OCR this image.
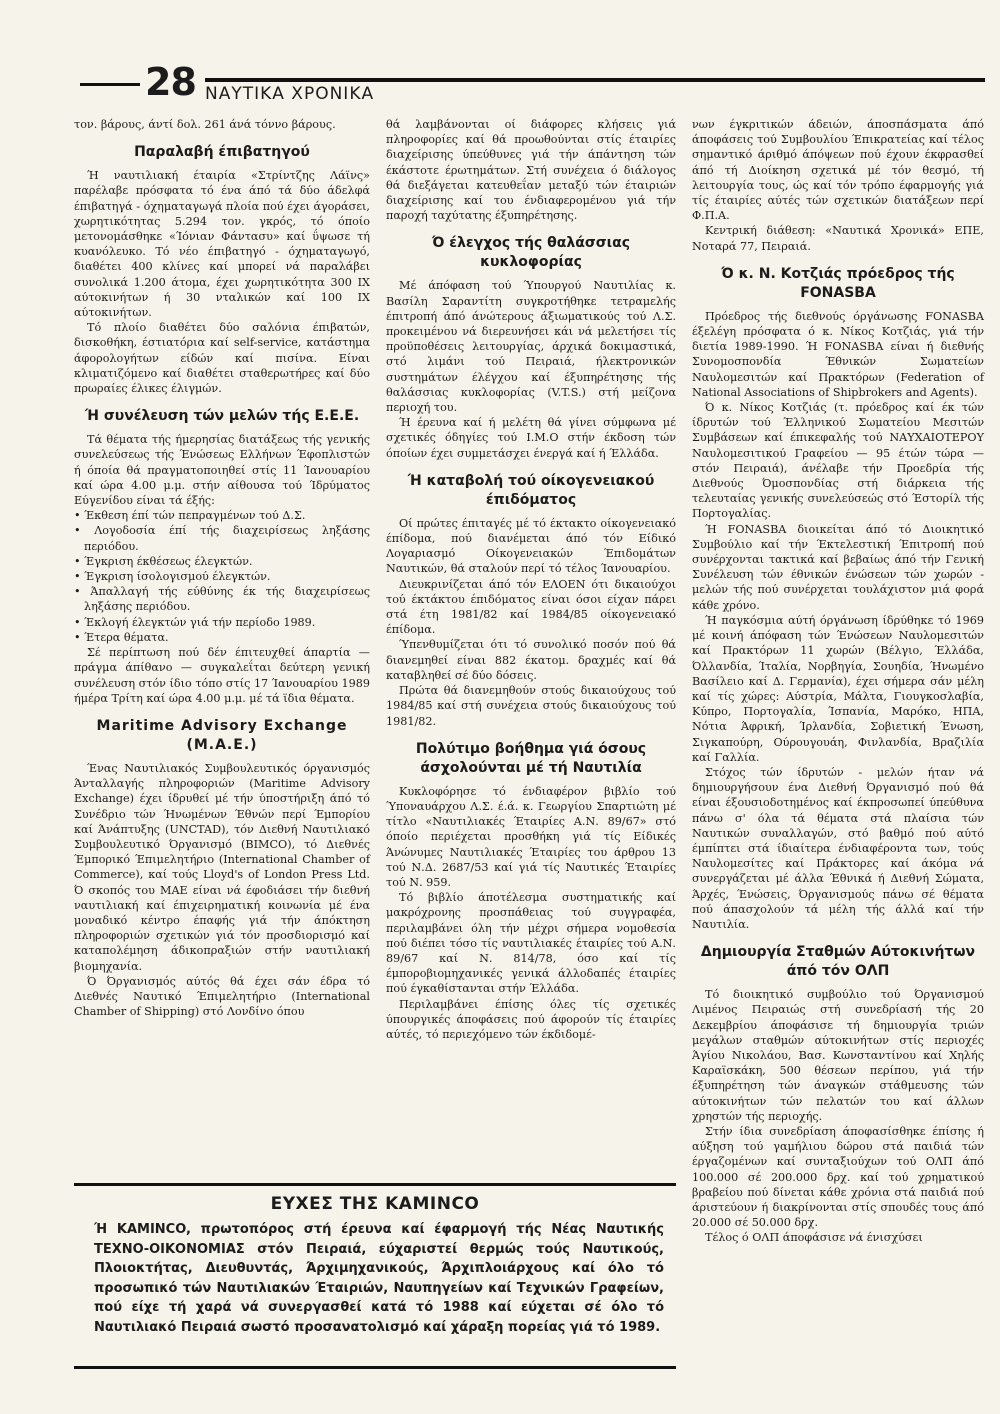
28 ΝΑΥΤΙΚΑ ΧΡΟΝΙΚΑ

τον. βάρους, άντί δολ. 261 άνά τόννο βάρους.

Παραλαβή έπιβατηγού

Ή ναυτιλιακή έταιρία «Στρίντζης Λάϊνς» παρέλαβε πρόσφατα τό ένα άπό τά δύο άδελφά έπιβατηγά - όχηματαγωγά πλοία πού έχει άγοράσει, χωρητικότητας 5.294 τον. γκρός, τό όποίο μετονομάσθηκε «Ίόνιαν Φάντασυ» καί ΰψωσε τή κυανόλευκο. Τό νέο έπιβατηγό - όχηματαγωγό, διαθέτει 400 κλίνες καί μπορεί νά παραλάβει συνολικά 1.200 άτομα, έχει χωρητικότητα 300 ΙΧ αύτοκινήτων ή 30 νταλικών καί 100 ΙΧ αύτοκινήτων.

Τό πλοίο διαθέτει δύο σαλόνια έπιβατών, δισκοθήκη, έστιατόρια καί self-service, κατάστημα άφορολογήτων είδών καί πισίνα. Είναι κλιματιζόμενο καί διαθέτει σταθερωτήρες καί δύο πρωραίες έλικες έλιγμών.

Ή συνέλευση τών μελών τής Ε.Ε.Ε.

Τά θέματα τής ήμερησίας διατάξεως τής γενικής συνελεύσεως τής Ένώσεως Ελλήνων Έφοπλιστών ή όποία θά πραγματοποιηθεί στίς 11 Ίανουαρίου καί ώρα 4.00 μ.μ. στήν αίθουσα τού Ίδρύματος Εύγενίδου είναι τά έξής:

• Έκθεση έπί τών πεπραγμένων τού Δ.Σ.
• Λογοδοσία έπί τής διαχειρίσεως ληξάσης περιόδου.
• Έγκριση έκθέσεως έλεγκτών.
• Έγκριση ίσολογισμού έλεγκτών.
• Άπαλλαγή τής εύθύνης έκ τής διαχειρίσεως ληξάσης περιόδου.
• Έκλογή έλεγκτών γιά τήν περίοδο 1989.
• Έτερα θέματα.

Σέ περίπτωση πού δέν έπιτευχθεί άπαρτία — πράγμα άπίθανο — συγκαλεΐται δεύτερη γενική συνέλευση στόν ίδιο τόπο στίς 17 Ίανουαρίου 1989 ήμέρα Τρίτη καί ώρα 4.00 μ.μ. μέ τά ϊδια θέματα.

Maritime Advisory Exchange
(Μ.Α.Ε.)

Ένας Ναυτιλιακός Συμβουλευτικός όργανισμός Άνταλλαγής πληροφοριών (Maritime Advisory Exchange) έχει ίδρυθεί μέ τήν ύποστήριξη άπό τό Συνέδριο τών Ήνωμένων Έθνών περί Έμπορίου καί Άνάπτυξης (UNCTAD), τόν Διεθνή Ναυτιλιακό Συμβουλευτικό Όργανισμό (BIMCO), τό Διεθνές Έμπορικό Έπιμελητήριο (International Chamber of Commerce), καί τούς Lloyd's of London Press Ltd. Ό σκοπός του ΜΑΕ είναι νά έφοδιάσει τήν διεθνή ναυτιλιακή καί έπιχειρηματική κοινωνία μέ ένα μοναδικό κέντρο έπαφής γιά τήν άπόκτηση πληροφοριών σχετικών γιά τόν προσδιορισμό καί καταπολέμηση άδικοπραξιών στήν ναυτιλιακή βιομηχανία.

Ό Όργανισμός αύτός θά έχει σάν έδρα τό Διεθνές Ναυτικό Έπιμελητήριο (International Chamber of Shipping) στό Λονδίνο όπου

θά λαμβάνονται οί διάφορες κλήσεις γιά πληροφορίες καί θά προωθούνται στίς έταιρίες διαχείρισης ύπεύθυνες γιά τήν άπάντηση τών έκάστοτε έρωτημάτων. Στή συνέχεια ό διάλογος θά διεξάγεται κατευθεΐαν μεταξύ τών έταιριών διαχείρισης καί του ένδιαφερομένου γιά τήν παροχή ταχύτατης έξυπηρέτησης.

Ό έλεγχος τής θαλάσσιας κυκλοφορίας

Μέ άπόφαση τού Ύπουργού Ναυτιλίας κ. Βασίλη Σαραντίτη συγκροτήθηκε τετραμελής έπιτροπή άπό άνώτερους άξιωματικούς τού Λ.Σ. προκειμένου νά διερευνήσει κάι νά μελετήσει τίς προϋποθέσεις λειτουργίας, άρχικά δοκιμαστικά, στό λιμάνι τού Πειραιά, ήλεκτρονικών συστημάτων έλέγχου καί έξυπηρέτησης τής θαλάσσιας κυκλοφορίας (V.T.S.) στή μείζονα περιοχή του.

Ή έρευνα καί ή μελέτη θά γίνει σύμφωνα μέ σχετικές όδηγίες τού Ι.Μ.Ο στήν έκδοση τών όποίων έχει συμμετάσχει ένεργά καί ή Έλλάδα.

Ή καταβολή τού οίκογενειακού έπιδόματος

Οί πρώτες έπιταγές μέ τό έκτακτο οίκογενειακό έπίδομα, πού διανέμεται άπό τόν Είδικό Λογαριασμό Οίκογενειακών Έπιδομάτων Ναυτικών, θά σταλούν περί τό τέλος Ίανουαρίου.

Διευκρινίζεται άπό τόν ΕΛΟΕΝ ότι δικαιούχοι τού έκτάκτου έπιδόματος είναι όσοι είχαν πάρει στά έτη 1981/82 καί 1984/85 οίκογενειακό έπίδομα.

Ύπενθυμίζεται ότι τό συνολικό ποσόν πού θά διανεμηθεί είναι 882 έκατομ. δραχμές καί θά καταβληθεί σέ δύο δόσεις.

Πρώτα θά διανεμηθούν στούς δικαιούχους τού 1984/85 καί στή συνέχεια στούς δικαιούχους τού 1981/82.

Πολύτιμο βοήθημα γιά όσους άσχολούνται μέ τή Ναυτιλία

Κυκλοφόρησε τό ένδιαφέρον βιβλίο τού Ύποναυάρχου Λ.Σ. έ.ά. κ. Γεωργίου Σπαρτιώτη μέ τίτλο «Ναυτιλιακές Έταιρίες Α.Ν. 89/67» στό όποίο περιέχεται προσθήκη γιά τίς Είδικές Άνώνυμες Ναυτιλιακές Έταιρίες του άρθρου 13 τού Ν.Δ. 2687/53 καί γιά τίς Ναυτικές Έταιρίες τού Ν. 959.

Τό βιβλίο άποτέλεσμα συστηματικής καί μακρόχρονης προσπάθειας τού συγγραφέα, περιλαμβάνει όλη τήν μέχρι σήμερα νομοθεσία πού διέπει τόσο τίς ναυτιλιακές έταιρίες τού Α.Ν. 89/67 καί Ν. 814/78, όσο καί τίς έμποροβιομηχανικές γενικά άλλοδαπές έταιρίες πού έγκαθίστανται στήν Έλλάδα.

Περιλαμβάνει έπίσης όλες τίς σχετικές ύπουργικές άποφάσεις πού άφορούν τίς έταιρίες αύτές, τό περιεχόμενο τών έκδιδομέ-

νων έγκριτικών άδειών, άποσπάσματα άπό άποφάσεις τού Συμβουλίου Έπικρατείας καί τέλος σημαντικό άριθμό άπόψεων πού έχουν έκφρασθεί άπό τή Διοίκηση σχετικά μέ τόν θεσμό, τή λειτουργία τους, ώς καί τόν τρόπο έφαρμογής γιά τίς έταιρίες αύτές τών σχετικών διατάξεων περί Φ.Π.Α.

Κεντρική διάθεση: «Ναυτικά Χρονικά» ΕΠΕ, Νοταρά 77, Πειραιά.

Ό κ. Ν. Κοτζιάς πρόεδρος τής FONASBA

Πρόεδρος τής διεθνούς όργάνωσης FONASBA έξελέγη πρόσφατα ό κ. Νίκος Κοτζιάς, γιά τήν διετία 1989-1990. Ή FONASBA είναι ή διεθνής Συνομοσπονδία Έθνικών Σωματείων Ναυλομεσιτών καί Πρακτόρων (Federation of National Associations of Shipbrokers and Agents).

Ό κ. Νίκος Κοτζιάς (τ. πρόεδρος καί έκ τών ίδρυτών τού Έλληνικού Σωματείου Μεσιτών Συμβάσεων καί έπικεφαλής τού ΝΑΥΧΑΙΟΤΕΡΟΥ Ναυλομεσιτικού Γραφείου — 95 έτών τώρα — στόν Πειραιά), άνέλαβε τήν Προεδρία τής Διεθνούς Όμοσπονδίας στή διάρκεια τής τελευταίας γενικής συνελεύσεώς στό Έστορίλ τής Πορτογαλίας.

Ή FONASBA διοικείται άπό τό Διοικητικό Συμβούλιο καί τήν Έκτελεστική Έπιτροπή πού συνέρχονται τακτικά καί βεβαίως άπό τήν Γενική Συνέλευση τών έθνικών ένώσεων τών χωρών - μελών τής πού συνέρχεται τουλάχιστον μιά φορά κάθε χρόνο.

Ή παγκόσμια αύτή όργάνωση ίδρύθηκε τό 1969 μέ κοινή άπόφαση τών Ένώσεων Ναυλομεσιτών καί Πρακτόρων 11 χωρών (Βέλγιο, Έλλάδα, Όλλανδία, Ίταλία, Νορβηγία, Σουηδία, Ήνωμένο Βασίλειο καί Δ. Γερμανία), έχει σήμερα σάν μέλη καί τίς χώρες: Αύστρία, Μάλτα, Γιουγκοσλαβία, Κύπρο, Πορτογαλία, Ίσπανία, Μαρόκο, ΗΠΑ, Νότια Άφρική, Ίρλανδία, Σοβιετική Ένωση, Σιγκαπούρη, Ούρουγουάη, Φινλανδία, Βραζιλία καί Γαλλία.

Στόχος τών ίδρυτών - μελών ήταν νά δημιουργήσουν ένα Διεθνή Όργανισμό πού θά είναι έξουσιοδοτημένος καί έκπροσωπεί ύπεύθυνα πάνω σ' όλα τά θέματα στά πλαίσια τών Ναυτικών συναλλαγών, στό βαθμό πού αύτό έμπίπτει στά ίδιαίτερα ένδιαφέροντα των, τούς Ναυλομεσίτες καί Πράκτορες καί άκόμα νά συνεργάζεται μέ άλλα Έθνικά ή Διεθνή Σώματα, Άρχές, Ένώσεις, Όργανισμούς πάνω σέ θέματα πού άπασχολούν τά μέλη τής άλλά καί τήν Ναυτιλία.

Δημιουργία Σταθμών Αύτοκινήτων άπό τόν ΟΛΠ

Τό διοικητικό συμβούλιο τού Όργανισμού Λιμένος Πειραιώς στή συνεδρίασή τής 20 Δεκεμβρίου άποφάσισε τή δημιουργία τριών μεγάλων σταθμών αύτοκινήτων στίς περιοχές Άγίου Νικολάου, Βασ. Κωνσταντίνου καί Χηλής Καραϊσκάκη, 500 θέσεων περίπου, γιά τήν έξυπηρέτηση τών άναγκών στάθμευσης τών αύτοκινήτων τών πελατών του καί άλλων χρηστών τής περιοχής.

Στήν ίδια συνεδρίαση άποφασίσθηκε έπίσης ή αύξηση τού γαμήλιου δώρου στά παιδιά τών έργαζομένων καί συνταξιούχων τού ΟΛΠ άπό 100.000 σέ 200.000 δρχ. καί τού χρηματικού βραβείου πού δίνεται κάθε χρόνια στά παιδιά πού άριστεύουν ή διακρίνονται στίς σπουδές τους άπό 20.000 σέ 50.000 δρχ.

Τέλος ό ΟΛΠ άποφάσισε νά ένισχύσει

ΕΥΧΕΣ ΤΗΣ ΚΑΜΙΝCO
Ή ΚΑΜΙΝCO, πρωτοπόρος στή έρευνα καί έφαρμογή τής Νέας Ναυτικής ΤΕΧΝΟ-ΟΙΚΟΝΟΜΙΑΣ στόν Πειραιά, εύχαριστεί θερμώς τούς Ναυτικούς, Πλοιοκτήτας, Διευθυντάς, Άρχιμηχανικούς, Άρχιπλοιάρχους καί όλο τό προσωπικό τών Ναυτιλιακών Έταιριών, Ναυπηγείων καί Τεχνικών Γραφείων, πού είχε τή χαρά νά συνεργασθεί κατά τό 1988 καί εύχεται σέ όλο τό Ναυτιλιακό Πειραιά σωστό προσανατολισμό καί χάραξη πορείας γιά τό 1989.
